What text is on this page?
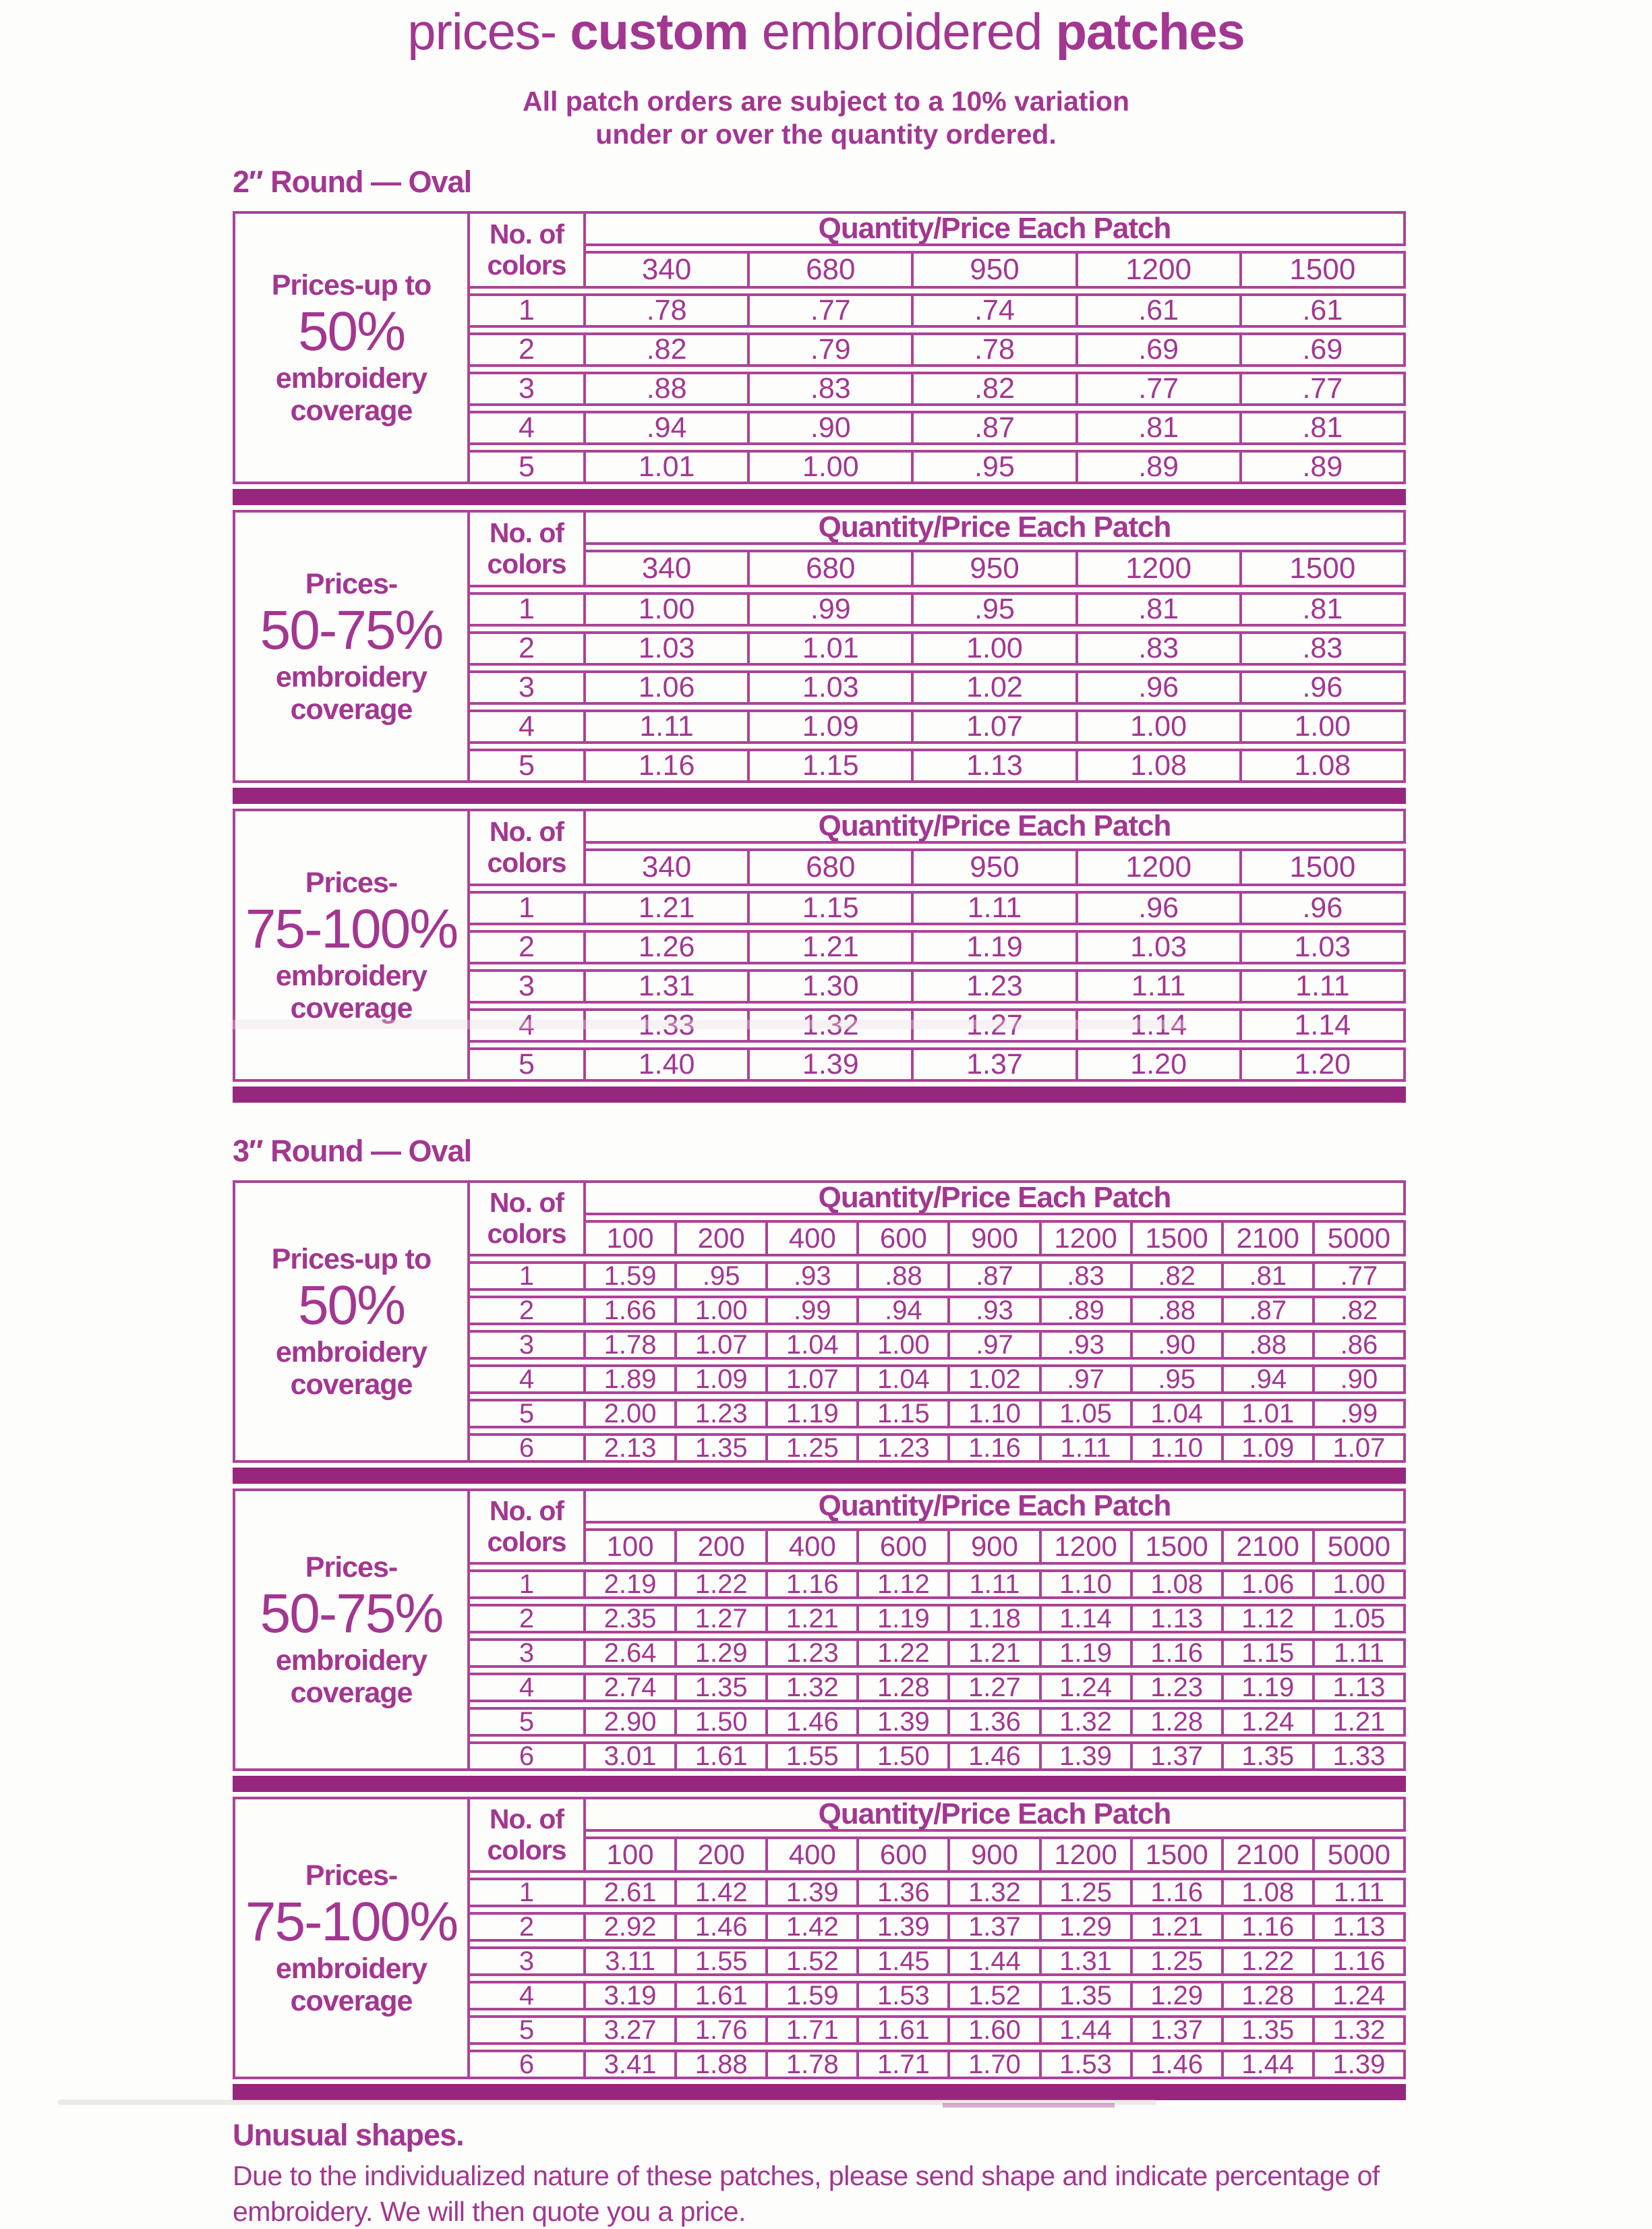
prices- custom embroidered patches
All patch orders are subject to a 10% variation
under or over the quantity ordered.
2″ Round — Oval
Prices-up to
50%
embroidery
coverage

No. of
colors
	Quantity/Price Each Patch
		340	680	950	1200	1500
	1	.78	.77	.74	.61	.61
	2	.82	.79	.78	.69	.69
	3	.88	.83	.82	.77	.77
	4	.94	.90	.87	.81	.81
	5	1.01	1.00	.95	.89	.89
Prices-
50-75%
embroidery
coverage

No. of
colors
	Quantity/Price Each Patch
		340	680	950	1200	1500
	1	1.00	.99	.95	.81	.81
	2	1.03	1.01	1.00	.83	.83
	3	1.06	1.03	1.02	.96	.96
	4	1.11	1.09	1.07	1.00	1.00
	5	1.16	1.15	1.13	1.08	1.08
Prices-
75-100%
embroidery
coverage

No. of
colors
	Quantity/Price Each Patch
		340	680	950	1200	1500
	1	1.21	1.15	1.11	.96	.96
	2	1.26	1.21	1.19	1.03	1.03
	3	1.31	1.30	1.23	1.11	1.11
	4	1.33	1.32	1.27	1.14	1.14
	5	1.40	1.39	1.37	1.20	1.20
3″ Round — Oval
Prices-up to
50%
embroidery
coverage

No. of
colors
	Quantity/Price Each Patch
		100	200	400	600	900	1200	1500	2100	5000
	1	1.59	.95	.93	.88	.87	.83	.82	.81	.77
	2	1.66	1.00	.99	.94	.93	.89	.88	.87	.82
	3	1.78	1.07	1.04	1.00	.97	.93	.90	.88	.86
	4	1.89	1.09	1.07	1.04	1.02	.97	.95	.94	.90
	5	2.00	1.23	1.19	1.15	1.10	1.05	1.04	1.01	.99
	6	2.13	1.35	1.25	1.23	1.16	1.11	1.10	1.09	1.07
Prices-
50-75%
embroidery
coverage

No. of
colors
	Quantity/Price Each Patch
		100	200	400	600	900	1200	1500	2100	5000
	1	2.19	1.22	1.16	1.12	1.11	1.10	1.08	1.06	1.00
	2	2.35	1.27	1.21	1.19	1.18	1.14	1.13	1.12	1.05
	3	2.64	1.29	1.23	1.22	1.21	1.19	1.16	1.15	1.11
	4	2.74	1.35	1.32	1.28	1.27	1.24	1.23	1.19	1.13
	5	2.90	1.50	1.46	1.39	1.36	1.32	1.28	1.24	1.21
	6	3.01	1.61	1.55	1.50	1.46	1.39	1.37	1.35	1.33
Prices-
75-100%
embroidery
coverage

No. of
colors
	Quantity/Price Each Patch
		100	200	400	600	900	1200	1500	2100	5000
	1	2.61	1.42	1.39	1.36	1.32	1.25	1.16	1.08	1.11
	2	2.92	1.46	1.42	1.39	1.37	1.29	1.21	1.16	1.13
	3	3.11	1.55	1.52	1.45	1.44	1.31	1.25	1.22	1.16
	4	3.19	1.61	1.59	1.53	1.52	1.35	1.29	1.28	1.24
	5	3.27	1.76	1.71	1.61	1.60	1.44	1.37	1.35	1.32
	6	3.41	1.88	1.78	1.71	1.70	1.53	1.46	1.44	1.39
Unusual shapes.
Due to the individualized nature of these patches, please send shape and indicate percentage of
embroidery. We will then quote you a price.
